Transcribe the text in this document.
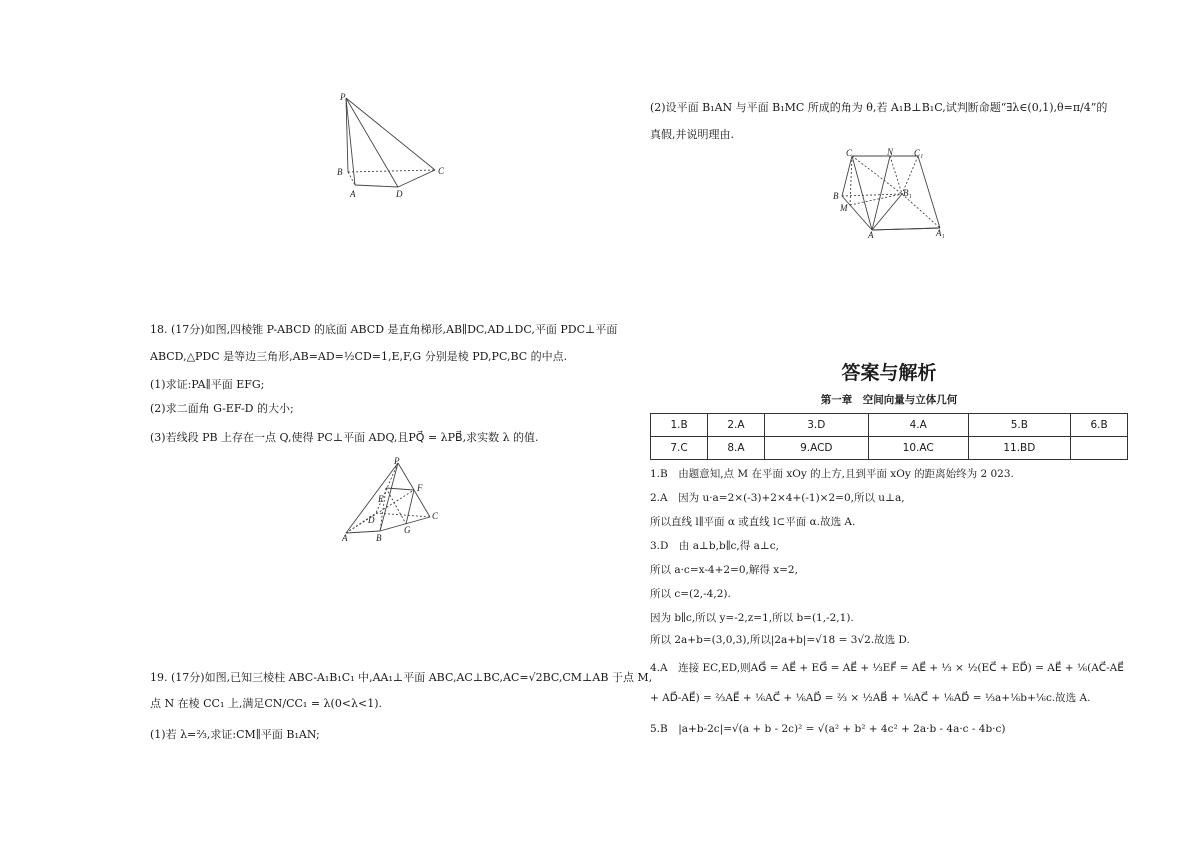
P
B	C
A	D
18. (17分)如图,四棱锥 P-ABCD 的底面 ABCD 是直角梯形,AB∥DC,AD⊥DC,平面 PDC⊥平面
ABCD,△PDC 是等边三角形,AB=AD=½CD=1,E,F,G 分别是棱 PD,PC,BC 的中点.
(1)求证:PA∥平面 EFG;
(2)求二面角 G-EF-D 的大小;
(3)若线段 PB 上存在一点 Q,使得 PC⊥平面 ADQ,且PQ⃗ = λPB⃗,求实数 λ 的值.
P
F
E
D	C
A	B
G
19. (17分)如图,已知三棱柱 ABC-A₁B₁C₁ 中,AA₁⊥平面 ABC,AC⊥BC,AC=√2BC,CM⊥AB 于点 M,
点 N 在棱 CC₁ 上,满足CN/CC₁ = λ(0<λ<1).
(1)若 λ=⅔,求证:CM∥平面 B₁AN;
(2)设平面 B₁AN 与平面 B₁MC 所成的角为 θ,若 A₁B⊥B₁C,试判断命题“∃λ∈(0,1),θ=π/4”的
真假,并说明理由.
C	N C₁
B₁
B
M
A	A₁
答案与解析
第一章　空间向量与立体几何
1.B	2.A	3.D	4.A	5.B	6.B
7.C	8.A	9.ACD	10.AC	11.BD	
1.B　由题意知,点 M 在平面 xOy 的上方,且到平面 xOy 的距离始终为 2 023.
2.A　因为 u·a=2×(-3)+2×4+(-1)×2=0,所以 u⊥a,
所以直线 l∥平面 α 或直线 l⊂平面 α.故选 A.
3.D　由 a⊥b,b∥c,得 a⊥c,
所以 a·c=x-4+2=0,解得 x=2,
所以 c=(2,-4,2).
因为 b∥c,所以 y=-2,z=1,所以 b=(1,-2,1).
所以 2a+b=(3,0,3),所以|2a+b|=√18 = 3√2.故选 D.
4.A　连接 EC,ED,则AG⃗ = AE⃗ + EG⃗ = AE⃗ + ⅓EF⃗ = AE⃗ + ⅓ × ½(EC⃗ + ED⃗) = AE⃗ + ⅙(AC⃗-AE⃗
+ AD⃗-AE⃗) = ⅔AE⃗ + ⅙AC⃗ + ⅙AD⃗ = ⅔ × ½AB⃗ + ⅙AC⃗ + ⅙AD⃗ = ⅓a+⅙b+⅙c.故选 A.
5.B　|a+b-2c|=√(a + b - 2c)² = √(a² + b² + 4c² + 2a·b - 4a·c - 4b·c)
